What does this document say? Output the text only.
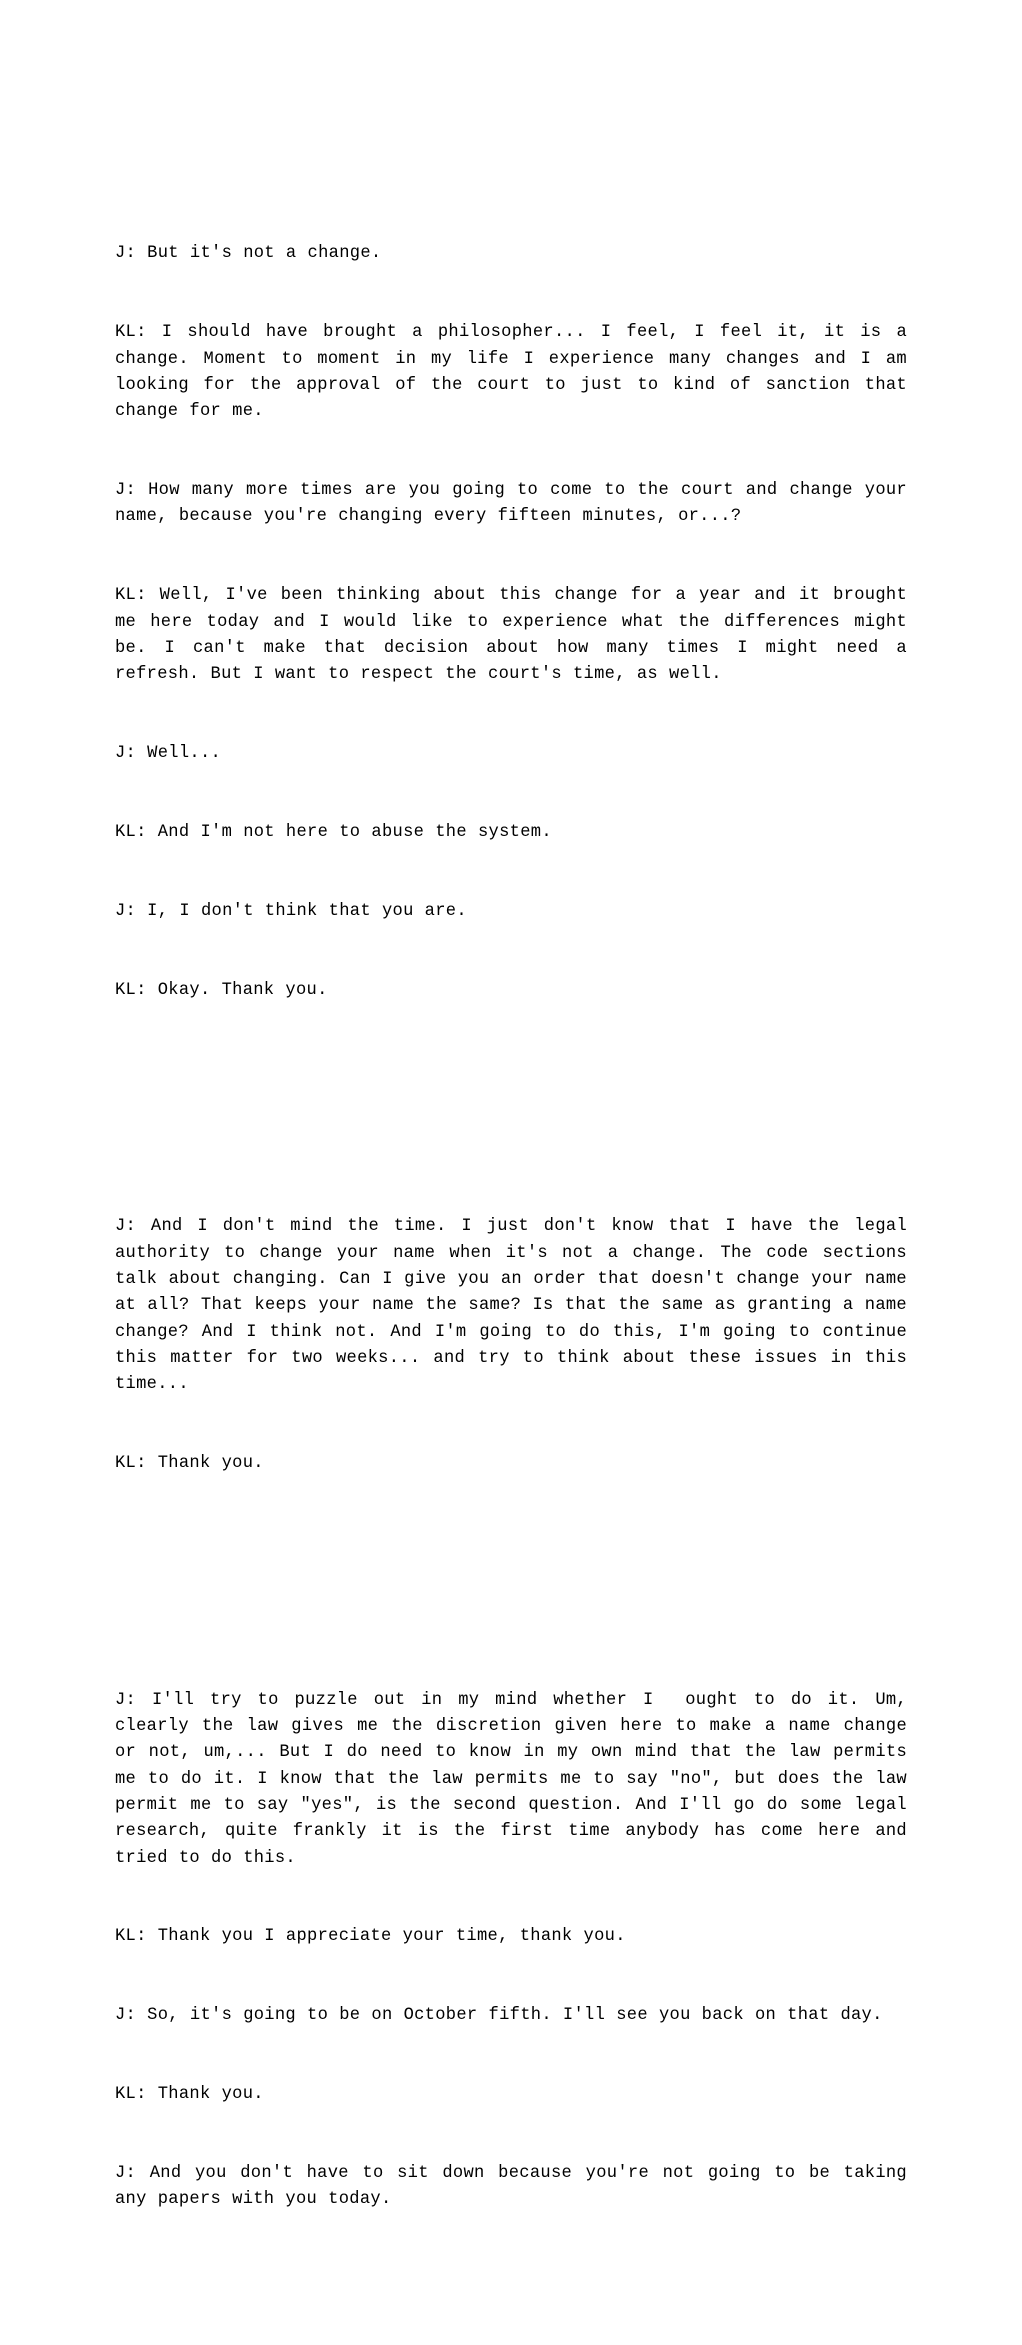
J: But it's not a change.

KL: I should have brought a philosopher... I feel, I feel it, it is a change. Moment to moment in my life I experience many changes and I am looking for the approval of the court to just to kind of sanction that change for me.

J: How many more times are you going to come to the court and change your name, because you're changing every fifteen minutes, or...?

KL: Well, I've been thinking about this change for a year and it brought me here today and I would like to experience what the differences might be. I can't make that decision about how many times I might need a refresh. But I want to respect the court's time, as well.

J: Well...

KL: And I'm not here to abuse the system.

J: I, I don't think that you are.

KL: Okay. Thank you.

J: And I don't mind the time. I just don't know that I have the legal authority to change your name when it's not a change. The code sections talk about changing. Can I give you an order that doesn't change your name at all? That keeps your name the same? Is that the same as granting a name change? And I think not. And I'm going to do this, I'm going to continue this matter for two weeks... and try to think about these issues in this time...

KL: Thank you.

J: I'll try to puzzle out in my mind whether I  ought to do it. Um, clearly the law gives me the discretion given here to make a name change or not, um,... But I do need to know in my own mind that the law permits me to do it. I know that the law permits me to say "no", but does the law permit me to say "yes", is the second question. And I'll go do some legal research, quite frankly it is the first time anybody has come here and tried to do this.

KL: Thank you I appreciate your time, thank you.

J: So, it's going to be on October fifth. I'll see you back on that day.

KL: Thank you.

J: And you don't have to sit down because you're not going to be taking any papers with you today.
